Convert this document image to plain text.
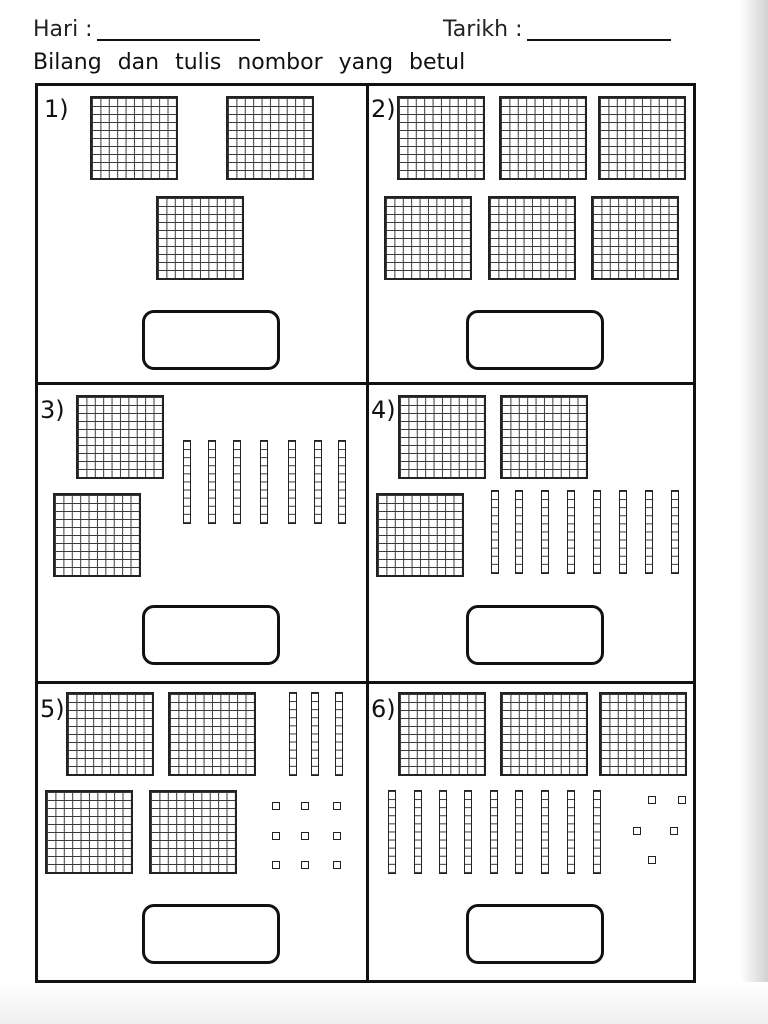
Hari :	Tarikh :
Bilang dan tulis nombor yang betul
1)	2)
3)	4)
5)	6)
